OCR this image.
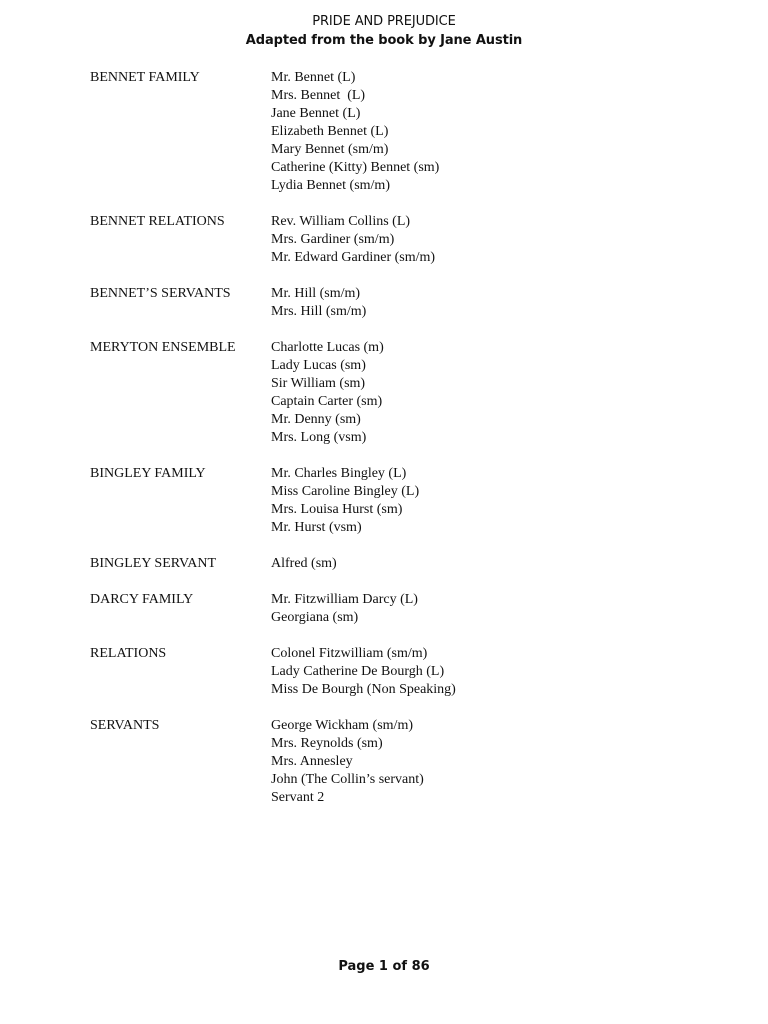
PRIDE AND PREJUDICE
Adapted from the book by Jane Austin
BENNET FAMILY	Mr. Bennet (L)
Mrs. Bennet  (L)
Jane Bennet (L)
Elizabeth Bennet (L)
Mary Bennet (sm/m)
Catherine (Kitty) Bennet (sm)
Lydia Bennet (sm/m)
BENNET RELATIONS	Rev. William Collins (L)
Mrs. Gardiner (sm/m)
Mr. Edward Gardiner (sm/m)
BENNET’S SERVANTS	Mr. Hill (sm/m)
Mrs. Hill (sm/m)
MERYTON ENSEMBLE	Charlotte Lucas (m)
Lady Lucas (sm)
Sir William (sm)
Captain Carter (sm)
Mr. Denny (sm)
Mrs. Long (vsm)
BINGLEY FAMILY	Mr. Charles Bingley (L)
Miss Caroline Bingley (L)
Mrs. Louisa Hurst (sm)
Mr. Hurst (vsm)
BINGLEY SERVANT	Alfred (sm)
DARCY FAMILY	Mr. Fitzwilliam Darcy (L)
Georgiana (sm)
RELATIONS	Colonel Fitzwilliam (sm/m)
Lady Catherine De Bourgh (L)
Miss De Bourgh (Non Speaking)
SERVANTS	George Wickham (sm/m)
Mrs. Reynolds (sm)
Mrs. Annesley
John (The Collin’s servant)
Servant 2
Page 1 of 86
